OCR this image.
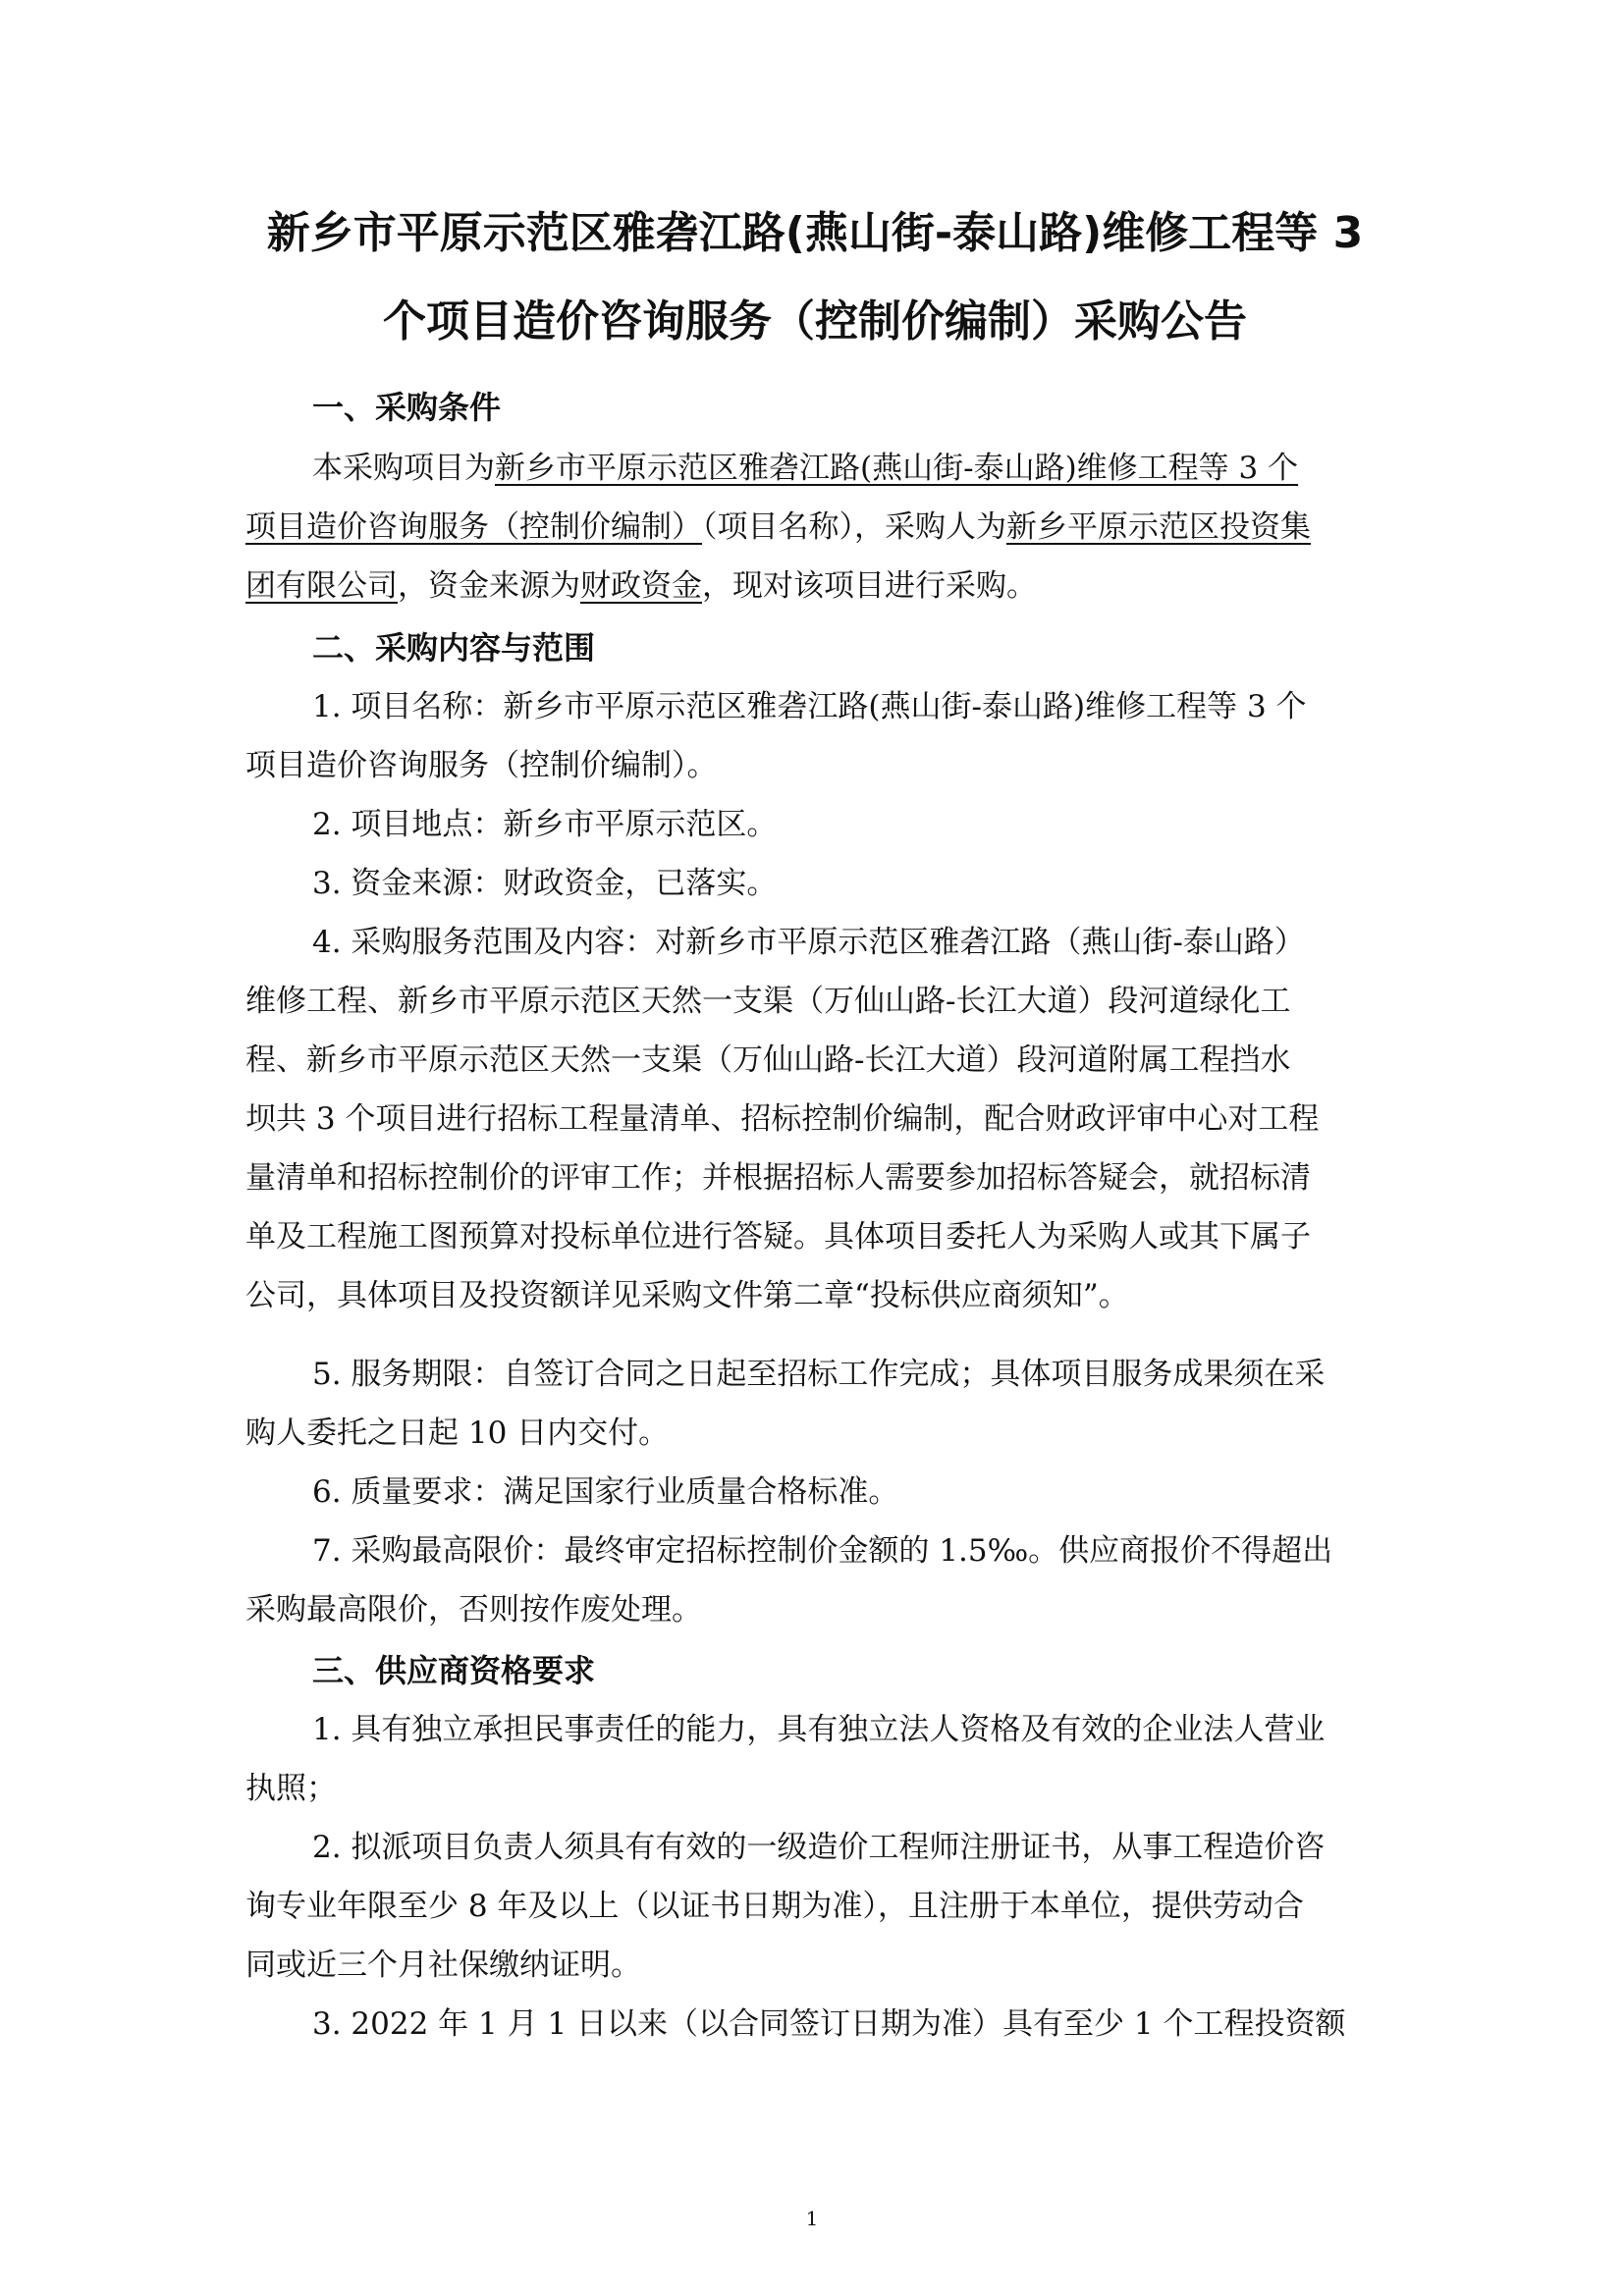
新乡市平原示范区雅砻江路(燕山街-泰山路)维修工程等 3
个项目造价咨询服务（控制价编制）采购公告
一、采购条件
本采购项目为新乡市平原示范区雅砻江路(燕山街-泰山路)维修工程等 3 个
项目造价咨询服务（控制价编制）（项目名称），采购人为新乡平原示范区投资集
团有限公司，资金来源为财政资金，现对该项目进行采购。
二、采购内容与范围
1. 项目名称：新乡市平原示范区雅砻江路(燕山街-泰山路)维修工程等 3 个
项目造价咨询服务（控制价编制）。
2. 项目地点：新乡市平原示范区。
3. 资金来源：财政资金，已落实。
4. 采购服务范围及内容：对新乡市平原示范区雅砻江路（燕山街-泰山路）
维修工程、新乡市平原示范区天然一支渠（万仙山路-长江大道）段河道绿化工
程、新乡市平原示范区天然一支渠（万仙山路-长江大道）段河道附属工程挡水
坝共 3 个项目进行招标工程量清单、招标控制价编制，配合财政评审中心对工程
量清单和招标控制价的评审工作；并根据招标人需要参加招标答疑会，就招标清
单及工程施工图预算对投标单位进行答疑。具体项目委托人为采购人或其下属子
公司，具体项目及投资额详见采购文件第二章“投标供应商须知”。
5. 服务期限：自签订合同之日起至招标工作完成；具体项目服务成果须在采
购人委托之日起 10 日内交付。
6. 质量要求：满足国家行业质量合格标准。
7. 采购最高限价：最终审定招标控制价金额的 1.5‰。供应商报价不得超出
采购最高限价，否则按作废处理。
三、供应商资格要求
1. 具有独立承担民事责任的能力，具有独立法人资格及有效的企业法人营业
执照；
2. 拟派项目负责人须具有有效的一级造价工程师注册证书，从事工程造价咨
询专业年限至少 8 年及以上（以证书日期为准），且注册于本单位，提供劳动合
同或近三个月社保缴纳证明。
3. 2022 年 1 月 1 日以来（以合同签订日期为准）具有至少 1 个工程投资额
1
